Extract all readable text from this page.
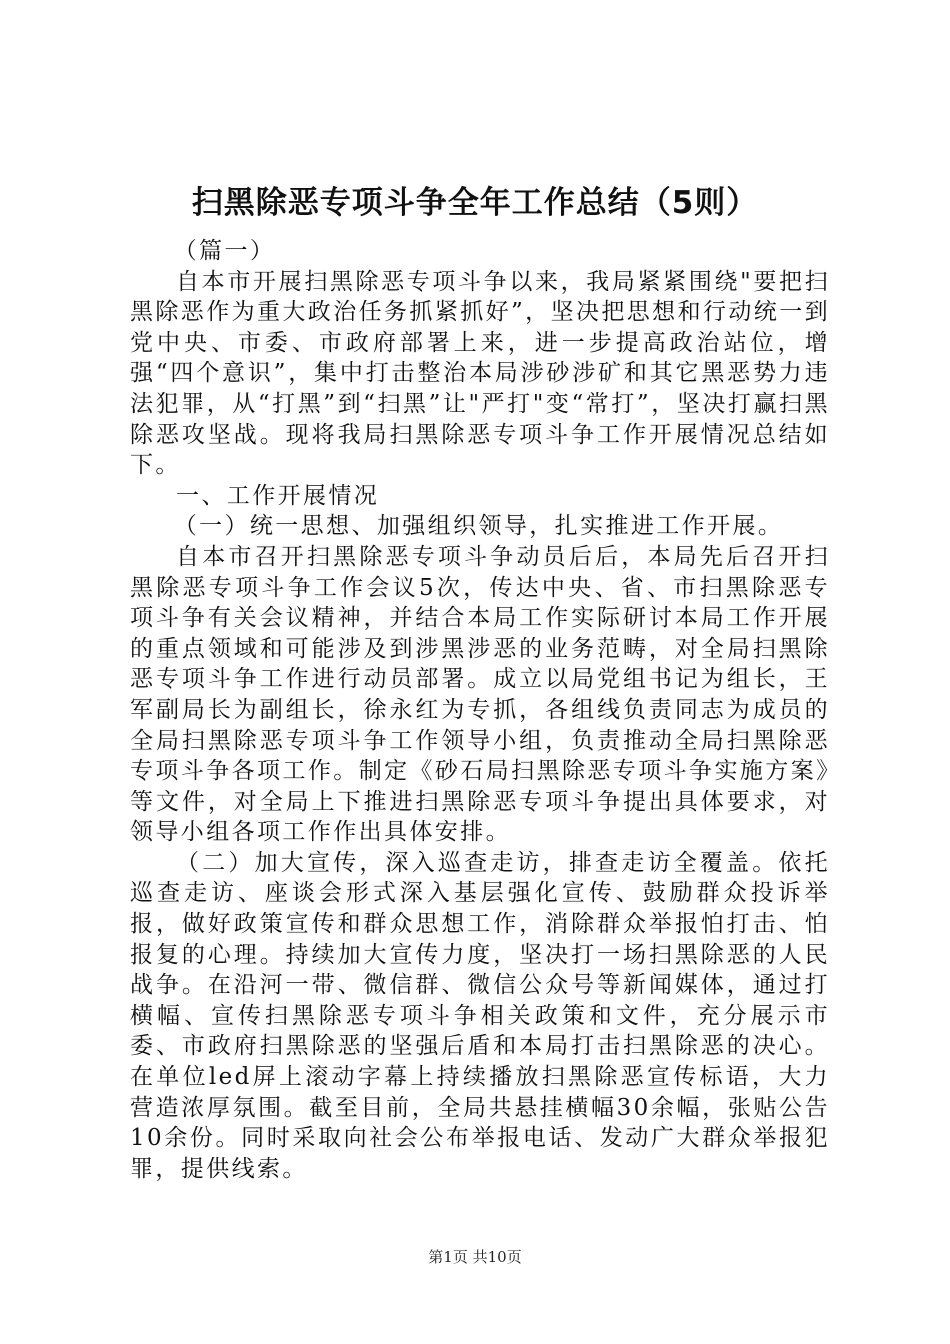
扫黑除恶专项斗争全年工作总结（5则）

（篇一）

自本市开展扫黑除恶专项斗争以来，我局紧紧围绕"要把扫黑除恶作为重大政治任务抓紧抓好”，坚决把思想和行动统一到党中央、市委、市政府部署上来，进一步提高政治站位，增强“四个意识”，集中打击整治本局涉砂涉矿和其它黑恶势力违法犯罪，从“打黑”到“扫黑”让"严打"变“常打”，坚决打赢扫黑除恶攻坚战。现将我局扫黑除恶专项斗争工作开展情况总结如下。

一、工作开展情况

（一）统一思想、加强组织领导，扎实推进工作开展。

自本市召开扫黑除恶专项斗争动员后后，本局先后召开扫黑除恶专项斗争工作会议5次，传达中央、省、市扫黑除恶专项斗争有关会议精神，并结合本局工作实际研讨本局工作开展的重点领域和可能涉及到涉黑涉恶的业务范畴，对全局扫黑除恶专项斗争工作进行动员部署。成立以局党组书记为组长，王军副局长为副组长，徐永红为专抓，各组线负责同志为成员的全局扫黑除恶专项斗争工作领导小组，负责推动全局扫黑除恶专项斗争各项工作。制定《砂石局扫黑除恶专项斗争实施方案》等文件，对全局上下推进扫黑除恶专项斗争提出具体要求，对领导小组各项工作作出具体安排。

（二）加大宣传，深入巡查走访，排查走访全覆盖。依托巡查走访、座谈会形式深入基层强化宣传、鼓励群众投诉举报，做好政策宣传和群众思想工作，消除群众举报怕打击、怕报复的心理。持续加大宣传力度，坚决打一场扫黑除恶的人民战争。在沿河一带、微信群、微信公众号等新闻媒体，通过打横幅、宣传扫黑除恶专项斗争相关政策和文件，充分展示市委、市政府扫黑除恶的坚强后盾和本局打击扫黑除恶的决心。在单位led屏上滚动字幕上持续播放扫黑除恶宣传标语，大力营造浓厚氛围。截至目前，全局共悬挂横幅30余幅，张贴公告10余份。同时采取向社会公布举报电话、发动广大群众举报犯罪，提供线索。

第1页 共10页
